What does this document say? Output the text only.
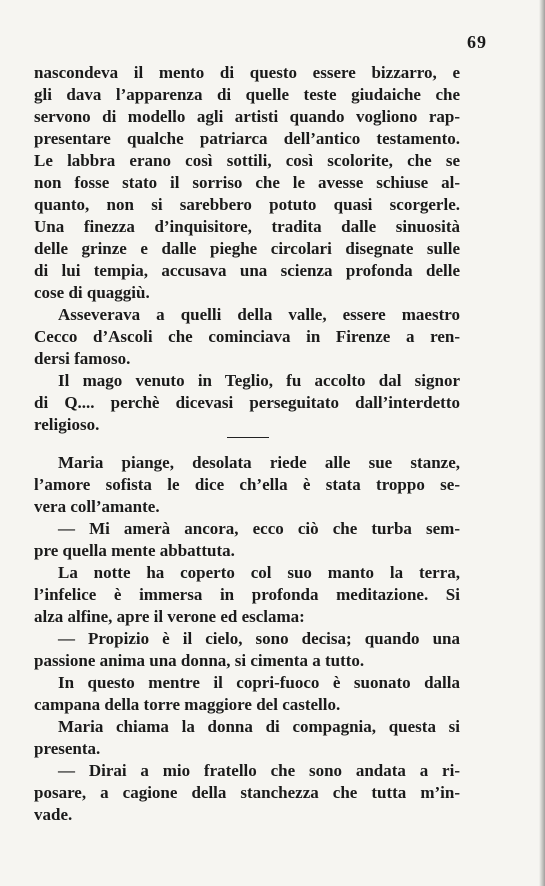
69
nascondeva il mento di questo essere bizzarro, e
gli dava l’apparenza di quelle teste giudaiche che
servono di modello agli artisti quando vogliono rap-
presentare qualche patriarca dell’antico testamento.
Le labbra erano così sottili, così scolorite, che se
non fosse stato il sorriso che le avesse schiuse al-
quanto, non si sarebbero potuto quasi scorgerle.
Una finezza d’inquisitore, tradita dalle sinuosità
delle grinze e dalle pieghe circolari disegnate sulle
di lui tempia, accusava una scienza profonda delle
cose di quaggiù.
Asseverava a quelli della valle, essere maestro
Cecco d’Ascoli che cominciava in Firenze a ren-
dersi famoso.
Il mago venuto in Teglio, fu accolto dal signor
di Q.... perchè dicevasi perseguitato dall’interdetto
religioso.
Maria piange, desolata riede alle sue stanze,
l’amore sofista le dice ch’ella è stata troppo se-
vera coll’amante.
— Mi amerà ancora, ecco ciò che turba sem-
pre quella mente abbattuta.
La notte ha coperto col suo manto la terra,
l’infelice è immersa in profonda meditazione. Si
alza alfine, apre il verone ed esclama:
— Propizio è il cielo, sono decisa; quando una
passione anima una donna, si cimenta a tutto.
In questo mentre il copri-fuoco è suonato dalla
campana della torre maggiore del castello.
Maria chiama la donna di compagnia, questa si
presenta.
— Dirai a mio fratello che sono andata a ri-
posare, a cagione della stanchezza che tutta m’in-
vade.
